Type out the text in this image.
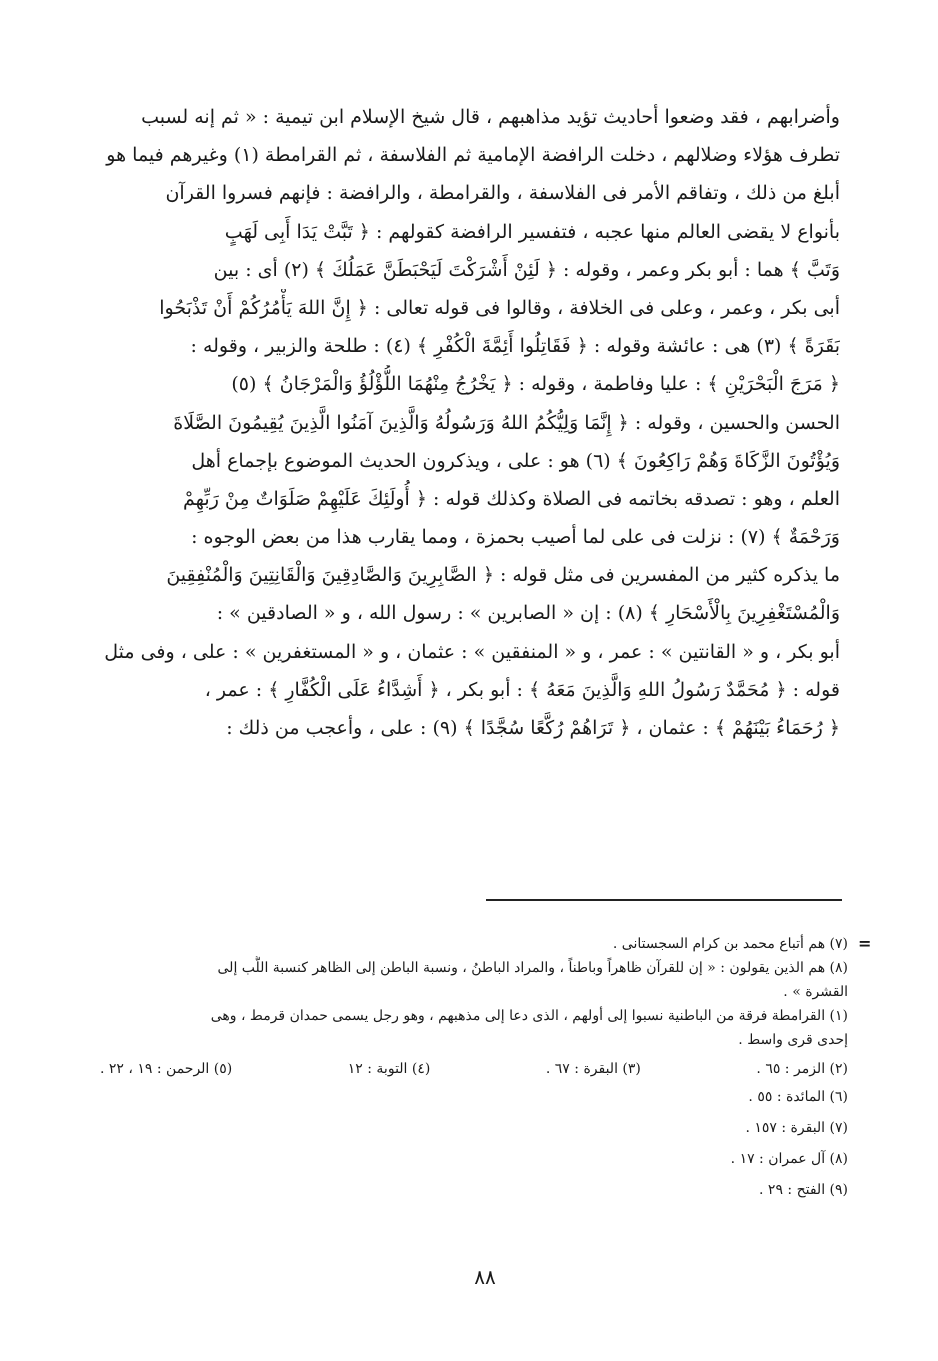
وأضرابهم ، فقد وضعوا أحاديث تؤيد مذاهبهم ، قال شيخ الإسلام ابن تيمية : « ثم إنه لسبب
تطرف هؤلاء وضلالهم ، دخلت الرافضة الإمامية ثم الفلاسفة ، ثم القرامطة (١) وغيرهم فيما هو
أبلغ من ذلك ، وتفاقم الأمر فى الفلاسفة ، والقرامطة ، والرافضة : فإنهم فسروا القرآن
بأنواع لا يقضى العالم منها عجبه ، فتفسير الرافضة كقولهم : ﴿ تَبَّتْ يَدَا أَبِى لَهَبٍ
وَتَبَّ ﴾ هما : أبو بكر وعمر ، وقوله : ﴿ لَئِنْ أَشْرَكْتَ لَيَحْبَطَنَّ عَمَلُكَ ﴾ (٢) أى : بين
أبى بكر ، وعمر ، وعلى فى الخلافة ، وقالوا فى قوله تعالى : ﴿ إِنَّ اللهَ يَأْمُرُكُمْ أَنْ تَذْبَحُوا
بَقَرَةً ﴾ (٣) هى : عائشة وقوله : ﴿ فَقَاتِلُوا أَئِمَّةَ الْكُفْرِ ﴾ (٤) : طلحة والزبير ، وقوله :
﴿ مَرَجَ الْبَحْرَيْنِ ﴾ : عليا وفاطمة ، وقوله : ﴿ يَخْرُجُ مِنْهُمَا اللُّؤْلُؤُ وَالْمَرْجَانُ ﴾ (٥)
الحسن والحسين ، وقوله : ﴿ إِنَّمَا وَلِيُّكُمُ اللهُ وَرَسُولُهُ وَالَّذِينَ آمَنُوا الَّذِينَ يُقِيمُونَ الصَّلَاةَ
وَيُؤْتُونَ الزَّكَاةَ وَهُمْ رَاكِعُونَ ﴾ (٦) هو : على ، ويذكرون الحديث الموضوع بإجماع أهل
العلم ، وهو : تصدقه بخاتمه فى الصلاة وكذلك قوله : ﴿ أُولَئِكَ عَلَيْهِمْ صَلَوَاتٌ مِنْ رَبِّهِمْ
وَرَحْمَةٌ ﴾ (٧) : نزلت فى على لما أصيب بحمزة ، ومما يقارب هذا من بعض الوجوه :
ما يذكره كثير من المفسرين فى مثل قوله : ﴿ الصَّابِرِينَ وَالصَّادِقِينَ وَالْقَانِتِينَ وَالْمُنْفِقِينَ
وَالْمُسْتَغْفِرِينَ بِالْأَسْحَارِ ﴾ (٨) : إن « الصابرين » : رسول الله ، و « الصادقين » :
أبو بكر ، و « القانتين » : عمر ، و « المنفقين » : عثمان ، و « المستغفرين » : على ، وفى مثل
قوله : ﴿ مُحَمَّدٌ رَسُولُ اللهِ وَالَّذِينَ مَعَهُ ﴾ : أبو بكر ، ﴿ أَشِدَّاءُ عَلَى الْكُفَّارِ ﴾ : عمر ،
﴿ رُحَمَاءُ بَيْنَهُمْ ﴾ : عثمان ، ﴿ تَرَاهُمْ رُكَّعًا سُجَّدًا ﴾ (٩) : على ، وأعجب من ذلك :
=
(٧) هم أتباع محمد بن كرام السجستانى .
(٨) هم الذين يقولون : « إن للقرآن ظاهراً وباطناً ، والمراد الباطنُ ، ونسبة الباطن إلى الظاهر كنسبة اللُّب إلى
القشرة » .
(١) القرامطة فرقة من الباطنية نسبوا إلى أولهم ، الذى دعا إلى مذهبهم ، وهو رجل يسمى حمدان قرمط ، وهى
إحدى قرى واسط .
(٢) الزمر : ٦٥ .
(٣) البقرة : ٦٧ .
(٤) التوبة : ١٢
(٥) الرحمن : ١٩ ، ٢٢ .
(٦) المائدة : ٥٥ .
(٧) البقرة : ١٥٧ .
(٨) آل عمران : ١٧ .
(٩) الفتح : ٢٩ .
٨٨
